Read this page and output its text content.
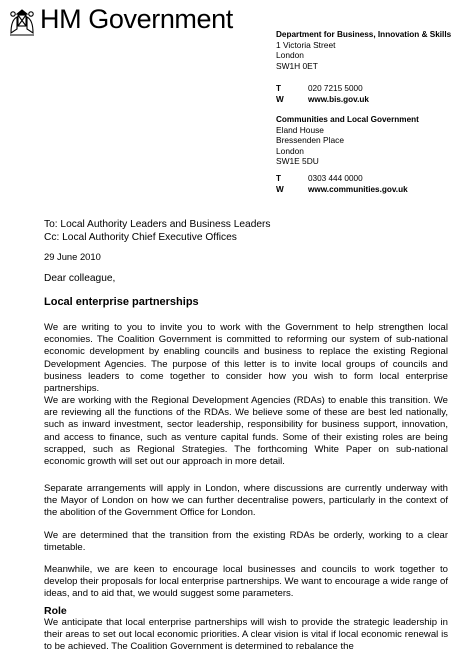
HM Government
Department for Business, Innovation & Skills
1 Victoria Street
London
SW1H 0ET
T	020 7215 5000
W	www.bis.gov.uk
Communities and Local Government
Eland House
Bressenden Place
London
SW1E 5DU
T	0303 444 0000
W	www.communities.gov.uk
To: Local Authority Leaders and Business Leaders
Cc: Local Authority Chief Executive Offices
29 June 2010
Dear colleague,
Local enterprise partnerships

We are writing to you to invite you to work with the Government to help strengthen local economies. The Coalition Government is committed to reforming our system of sub-national economic development by enabling councils and business to replace the existing Regional Development Agencies. The purpose of this letter is to invite local groups of councils and business leaders to come together to consider how you wish to form local enterprise partnerships.

We are working with the Regional Development Agencies (RDAs) to enable this transition. We are reviewing all the functions of the RDAs. We believe some of these are best led nationally, such as inward investment, sector leadership, responsibility for business support, innovation, and access to finance, such as venture capital funds. Some of their existing roles are being scrapped, such as Regional Strategies. The forthcoming White Paper on sub-national economic growth will set out our approach in more detail.

Separate arrangements will apply in London, where discussions are currently underway with the Mayor of London on how we can further decentralise powers, particularly in the context of the abolition of the Government Office for London.

We are determined that the transition from the existing RDAs be orderly, working to a clear timetable.

Meanwhile, we are keen to encourage local businesses and councils to work together to develop their proposals for local enterprise partnerships. We want to encourage a wide range of ideas, and to aid that, we would suggest some parameters.

Role

We anticipate that local enterprise partnerships will wish to provide the strategic leadership in their areas to set out local economic priorities. A clear vision is vital if local economic renewal is to be achieved. The Coalition Government is determined to rebalance the
